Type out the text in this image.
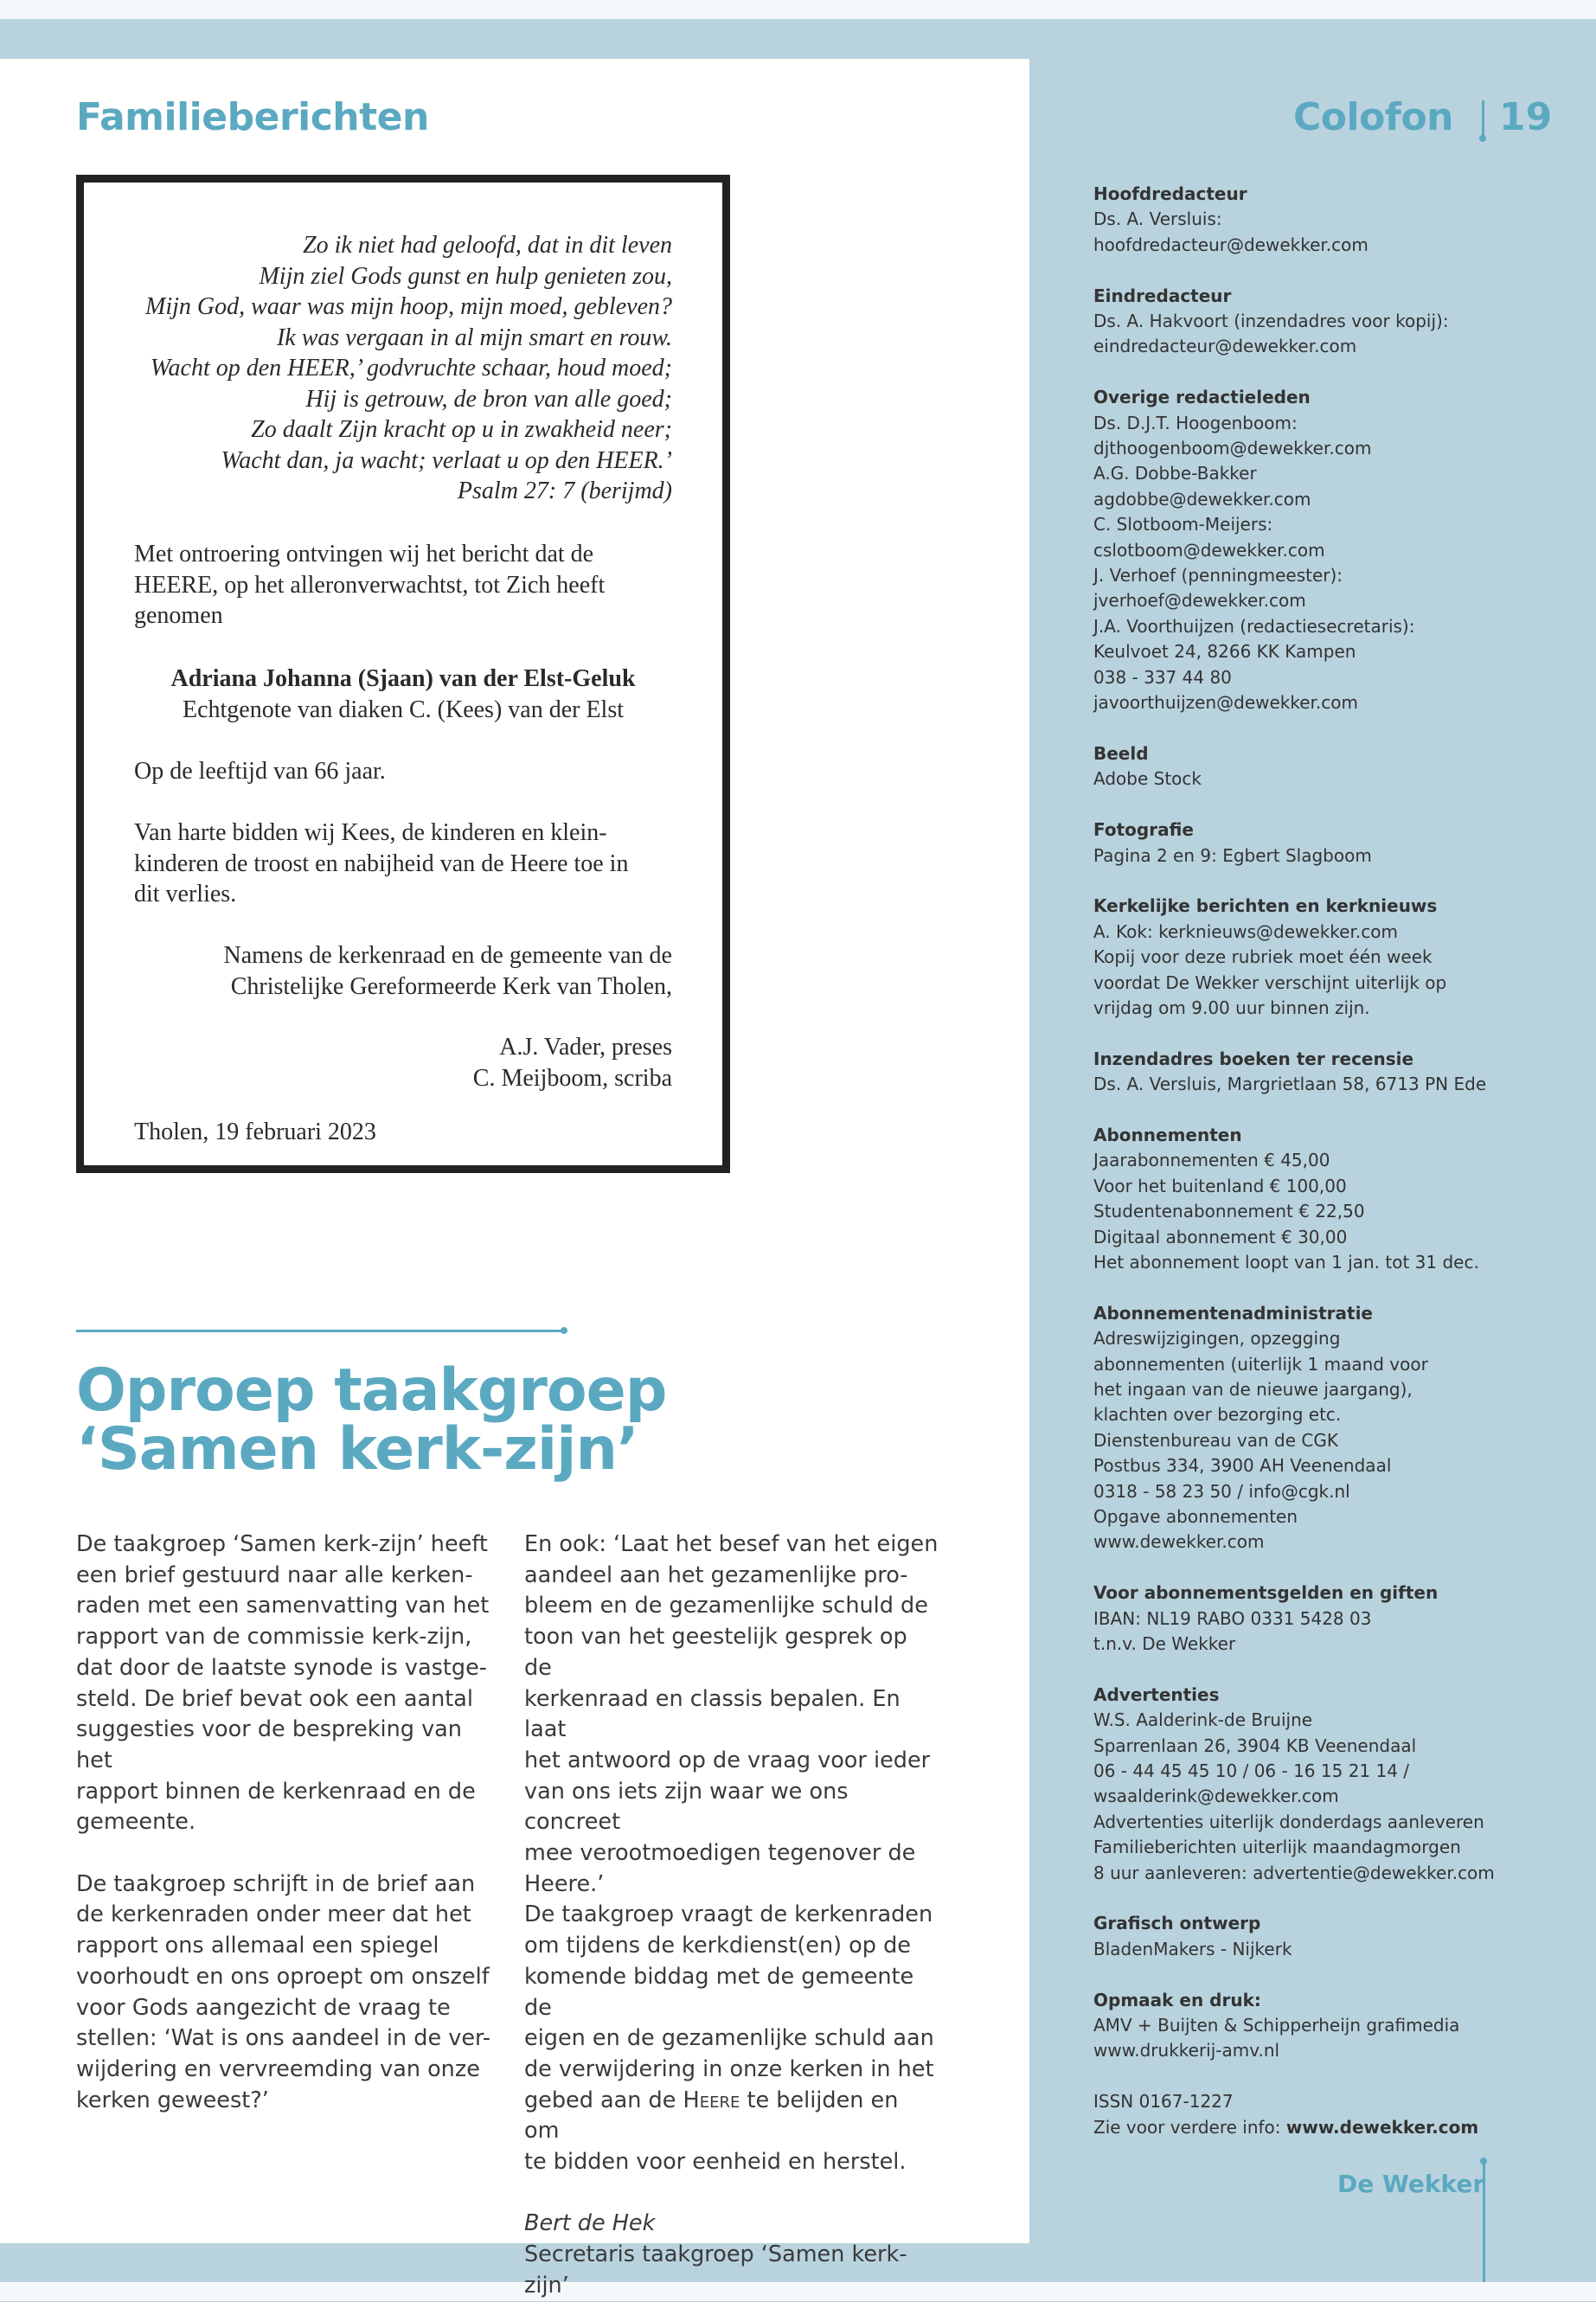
Familieberichten	Colofon 19
Zo ik niet had geloofd, dat in dit leven
Mijn ziel Gods gunst en hulp genieten zou,
Mijn God, waar was mijn hoop, mijn moed, gebleven?
Ik was vergaan in al mijn smart en rouw.
Wacht op den HEER,’ godvruchte schaar, houd moed;
Hij is getrouw, de bron van alle goed;
Zo daalt Zijn kracht op u in zwakheid neer;
Wacht dan, ja wacht; verlaat u op den HEER.’
Psalm 27: 7 (berijmd)
Met ontroering ontvingen wij het bericht dat de
HEERE, op het alleronverwachtst, tot Zich heeft
genomen
Adriana Johanna (Sjaan) van der Elst-Geluk
Echtgenote van diaken C. (Kees) van der Elst
Op de leeftijd van 66 jaar.
Van harte bidden wij Kees, de kinderen en klein-
kinderen de troost en nabijheid van de Heere toe in
dit verlies.
Namens de kerkenraad en de gemeente van de
Christelijke Gereformeerde Kerk van Tholen,
A.J. Vader, preses
C. Meijboom, scriba
Tholen, 19 februari 2023
Oproep taakgroep
‘Samen kerk-zijn’

De taakgroep ‘Samen kerk-zijn’ heeft
een brief gestuurd naar alle kerken-
raden met een samenvatting van het
rapport van de commissie kerk-zijn,
dat door de laatste synode is vastge-
steld. De brief bevat ook een aantal
suggesties voor de bespreking van het
rapport binnen de kerkenraad en de
gemeente.

De taakgroep schrijft in de brief aan
de kerkenraden onder meer dat het
rapport ons allemaal een spiegel
voorhoudt en ons oproept om onszelf
voor Gods aangezicht de vraag te
stellen: ‘Wat is ons aandeel in de ver-
wijdering en vervreemding van onze
kerken geweest?’

En ook: ‘Laat het besef van het eigen
aandeel aan het gezamenlijke pro-
bleem en de gezamenlijke schuld de
toon van het geestelijk gesprek op de
kerkenraad en classis bepalen. En laat
het antwoord op de vraag voor ieder
van ons iets zijn waar we ons concreet
mee verootmoedigen tegenover de
Heere.’

De taakgroep vraagt de kerkenraden
om tijdens de kerkdienst(en) op de
komende biddag met de gemeente de
eigen en de gezamenlijke schuld aan
de verwijdering in onze kerken in het
gebed aan de Heere te belijden en om
te bidden voor eenheid en herstel.

Bert de Hek

Secretaris taakgroep ‘Samen kerk-zijn’

Hoofdredacteur
Ds. A. Versluis:
hoofdredacteur@dewekker.com
Eindredacteur
Ds. A. Hakvoort (inzendadres voor kopij):
eindredacteur@dewekker.com
Overige redactieleden
Ds. D.J.T. Hoogenboom:
djthoogenboom@dewekker.com
A.G. Dobbe-Bakker
agdobbe@dewekker.com
C. Slotboom-Meijers:
cslotboom@dewekker.com
J. Verhoef (penningmeester):
jverhoef@dewekker.com
J.A. Voorthuijzen (redactiesecretaris):
Keulvoet 24, 8266 KK Kampen
038 - 337 44 80
javoorthuijzen@dewekker.com
Beeld
Adobe Stock
Fotografie
Pagina 2 en 9: Egbert Slagboom
Kerkelijke berichten en kerknieuws
A. Kok: kerknieuws@dewekker.com
Kopij voor deze rubriek moet één week
voordat De Wekker verschijnt uiterlijk op
vrijdag om 9.00 uur binnen zijn.
Inzendadres boeken ter recensie
Ds. A. Versluis, Margrietlaan 58, 6713 PN Ede
Abonnementen
Jaarabonnementen € 45,00
Voor het buitenland € 100,00
Studentenabonnement € 22,50
Digitaal abonnement € 30,00
Het abonnement loopt van 1 jan. tot 31 dec.
Abonnementenadministratie
Adreswijzigingen, opzegging
abonnementen (uiterlijk 1 maand voor
het ingaan van de nieuwe jaargang),
klachten over bezorging etc.
Dienstenbureau van de CGK
Postbus 334, 3900 AH Veenendaal
0318 - 58 23 50 / info@cgk.nl
Opgave abonnementen
www.dewekker.com
Voor abonnementsgelden en giften
IBAN: NL19 RABO 0331 5428 03
t.n.v. De Wekker
Advertenties
W.S. Aalderink-de Bruijne
Sparrenlaan 26, 3904 KB Veenendaal
06 - 44 45 45 10 / 06 - 16 15 21 14 /
wsaalderink@dewekker.com
Advertenties uiterlijk donderdags aanleveren
Familieberichten uiterlijk maandagmorgen
8 uur aanleveren: advertentie@dewekker.com
Grafisch ontwerp
BladenMakers - Nijkerk
Opmaak en druk:
AMV + Buijten & Schipperheijn grafimedia
www.drukkerij-amv.nl
ISSN 0167-1227
Zie voor verdere info: www.dewekker.com
De Wekker
